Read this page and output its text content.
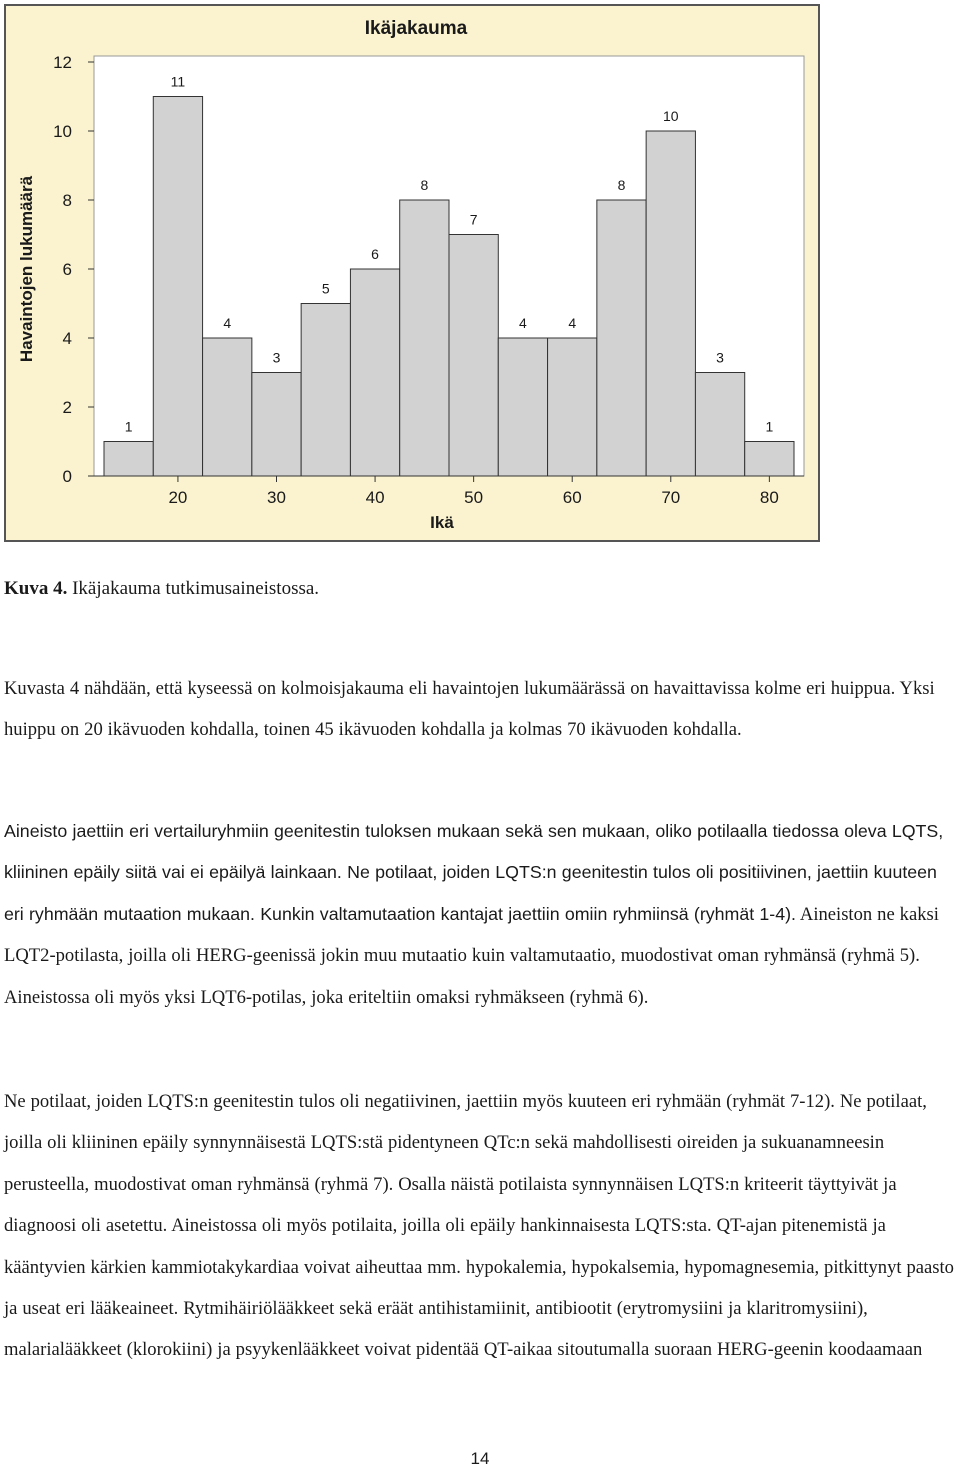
1
11
4
3
5
6
8
7
4	4
8
10
3
1
0
2
4
6
8
10
12
20	30	40	50	60	70	80
Ikäjakauma
Ikä
Havaintojen lukumäärä

Kuva 4. Ikäjakauma tutkimusaineistossa.

Kuvasta 4 nähdään, että kyseessä on kolmoisjakauma eli havaintojen lukumäärässä on havaittavissa kolme eri huippua. Yksi huippu on 20 ikävuoden kohdalla, toinen 45 ikävuoden kohdalla ja kolmas 70 ikävuoden kohdalla.

Aineisto jaettiin eri vertailuryhmiin geenitestin tuloksen mukaan sekä sen mukaan, oliko potilaalla tiedossa oleva LQTS, kliininen epäily siitä vai ei epäilyä lainkaan. Ne potilaat, joiden LQTS:n geenitestin tulos oli positiivinen, jaettiin kuuteen eri ryhmään mutaation mukaan. Kunkin valtamutaation kantajat jaettiin omiin ryhmiinsä (ryhmät 1-4). Aineiston ne kaksi LQT2-potilasta, joilla oli HERG-geenissä jokin muu mutaatio kuin valtamutaatio, muodostivat oman ryhmänsä (ryhmä 5). Aineistossa oli myös yksi LQT6-potilas, joka eriteltiin omaksi ryhmäkseen (ryhmä 6).

Ne potilaat, joiden LQTS:n geenitestin tulos oli negatiivinen, jaettiin myös kuuteen eri ryhmään (ryhmät 7-12). Ne potilaat, joilla oli kliininen epäily synnynnäisestä LQTS:stä pidentyneen QTc:n sekä mahdollisesti oireiden ja sukuanamneesin perusteella, muodostivat oman ryhmänsä (ryhmä 7). Osalla näistä potilaista synnynnäisen LQTS:n kriteerit täyttyivät ja diagnoosi oli asetettu. Aineistossa oli myös potilaita, joilla oli epäily hankinnaisesta LQTS:sta. QT-ajan pitenemistä ja kääntyvien kärkien kammiotakykardiaa voivat aiheuttaa mm. hypokalemia, hypokalsemia, hypomagnesemia, pitkittynyt paasto ja useat eri lääkeaineet. Rytmihäiriölääkkeet sekä eräät antihistamiinit, antibiootit (erytromysiini ja klaritromysiini), malarialääkkeet (klorokiini) ja psyykenlääkkeet voivat pidentää QT-aikaa sitoutumalla suoraan HERG-geenin koodaamaan

14
